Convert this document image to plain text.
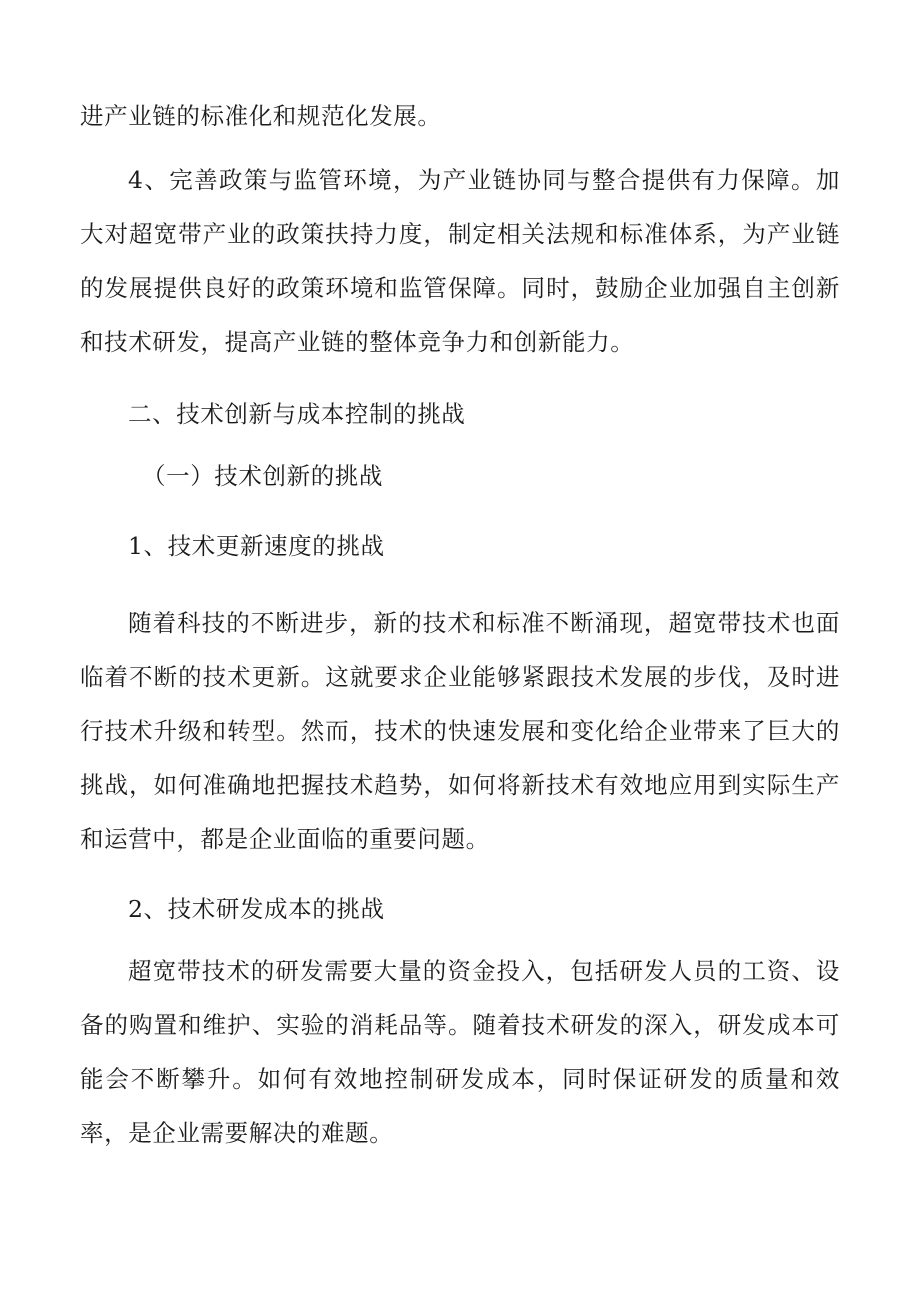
进产业链的标准化和规范化发展。

4、完善政策与监管环境，为产业链协同与整合提供有力保障。加大对超宽带产业的政策扶持力度，制定相关法规和标准体系，为产业链的发展提供良好的政策环境和监管保障。同时，鼓励企业加强自主创新和技术研发，提高产业链的整体竞争力和创新能力。

二、技术创新与成本控制的挑战

（一）技术创新的挑战

1、技术更新速度的挑战

随着科技的不断进步，新的技术和标准不断涌现，超宽带技术也面临着不断的技术更新。这就要求企业能够紧跟技术发展的步伐，及时进行技术升级和转型。然而，技术的快速发展和变化给企业带来了巨大的挑战，如何准确地把握技术趋势，如何将新技术有效地应用到实际生产和运营中，都是企业面临的重要问题。

2、技术研发成本的挑战

超宽带技术的研发需要大量的资金投入，包括研发人员的工资、设备的购置和维护、实验的消耗品等。随着技术研发的深入，研发成本可能会不断攀升。如何有效地控制研发成本，同时保证研发的质量和效率，是企业需要解决的难题。
